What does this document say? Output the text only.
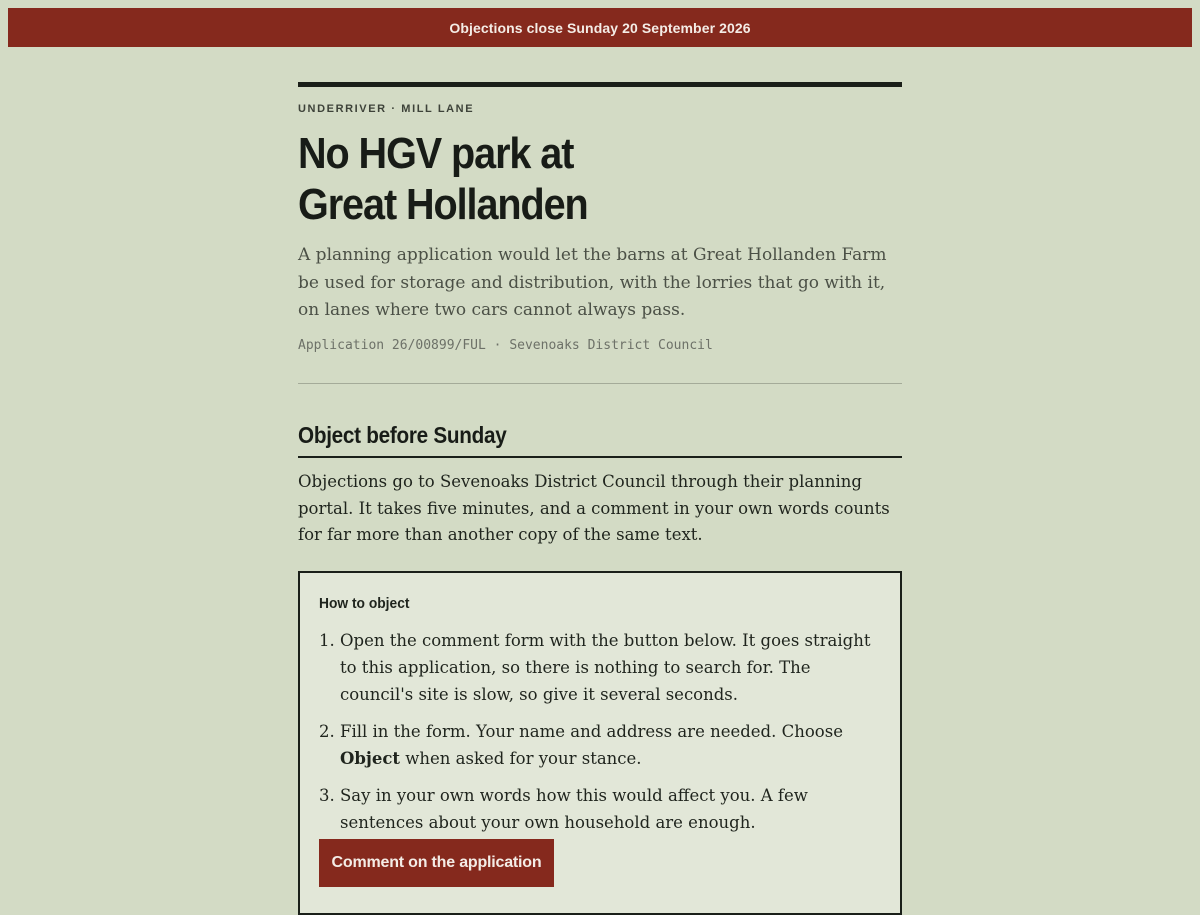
Objections close Sunday 20 September 2026
UNDERRIVER · MILL LANE
No HGV park at
Great Hollanden

A planning application would let the barns at Great Hollanden Farm be used for storage and distribution, with the lorries that go with it, on lanes where two cars cannot always pass.

Application 26/00899/FUL · Sevenoaks District Council
Object before Sunday

Objections go to Sevenoaks District Council through their planning portal. It takes five minutes, and a comment in your own words counts for far more than another copy of the same text.

How to object
1. Open the comment form with the button below. It goes straight to this application, so there is nothing to search for. The council's site is slow, so give it several seconds.
2. Fill in the form. Your name and address are needed. Choose Object when asked for your stance.
3. Say in your own words how this would affect you. A few sentences about your own household are enough.
Comment on the application
